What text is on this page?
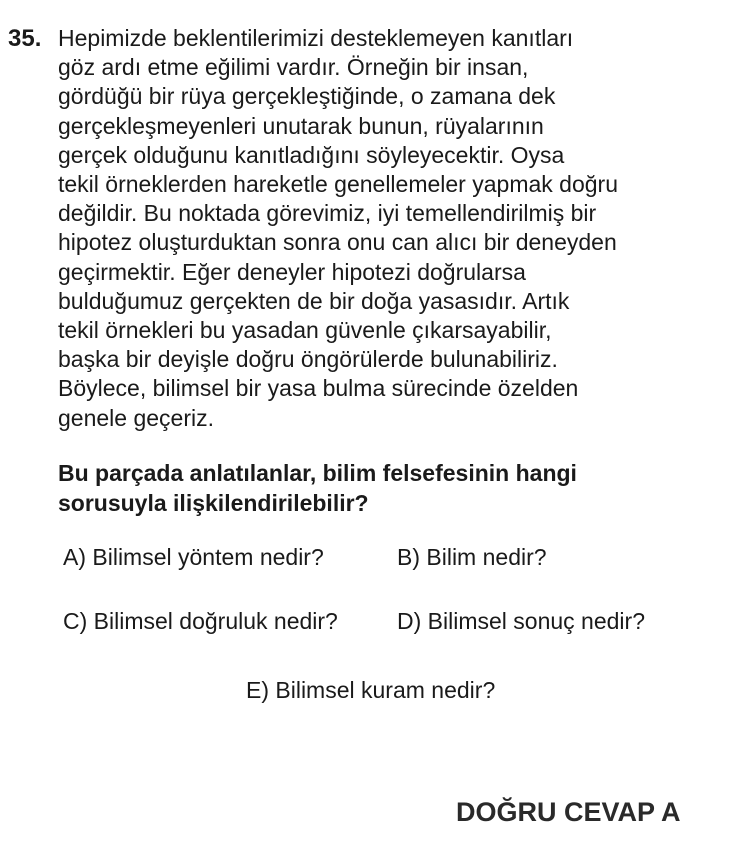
35. Hepimizde beklentilerimizi desteklemeyen kanıtları
göz ardı etme eğilimi vardır. Örneğin bir insan,
gördüğü bir rüya gerçekleştiğinde, o zamana dek
gerçekleşmeyenleri unutarak bunun, rüyalarının
gerçek olduğunu kanıtladığını söyleyecektir. Oysa
tekil örneklerden hareketle genellemeler yapmak doğru
değildir. Bu noktada görevimiz, iyi temellendirilmiş bir
hipotez oluşturduktan sonra onu can alıcı bir deneyden
geçirmektir. Eğer deneyler hipotezi doğrularsa
bulduğumuz gerçekten de bir doğa yasasıdır. Artık
tekil örnekleri bu yasadan güvenle çıkarsayabilir,
başka bir deyişle doğru öngörülerde bulunabiliriz.
Böylece, bilimsel bir yasa bulma sürecinde özelden
genele geçeriz.

Bu parçada anlatılanlar, bilim felsefesinin hangi
sorusuyla ilişkilendirilebilir?
A) Bilimsel yöntem nedir?	B) Bilim nedir?
C) Bilimsel doğruluk nedir?	D) Bilimsel sonuç nedir?
E) Bilimsel kuram nedir?
DOĞRU CEVAP A
